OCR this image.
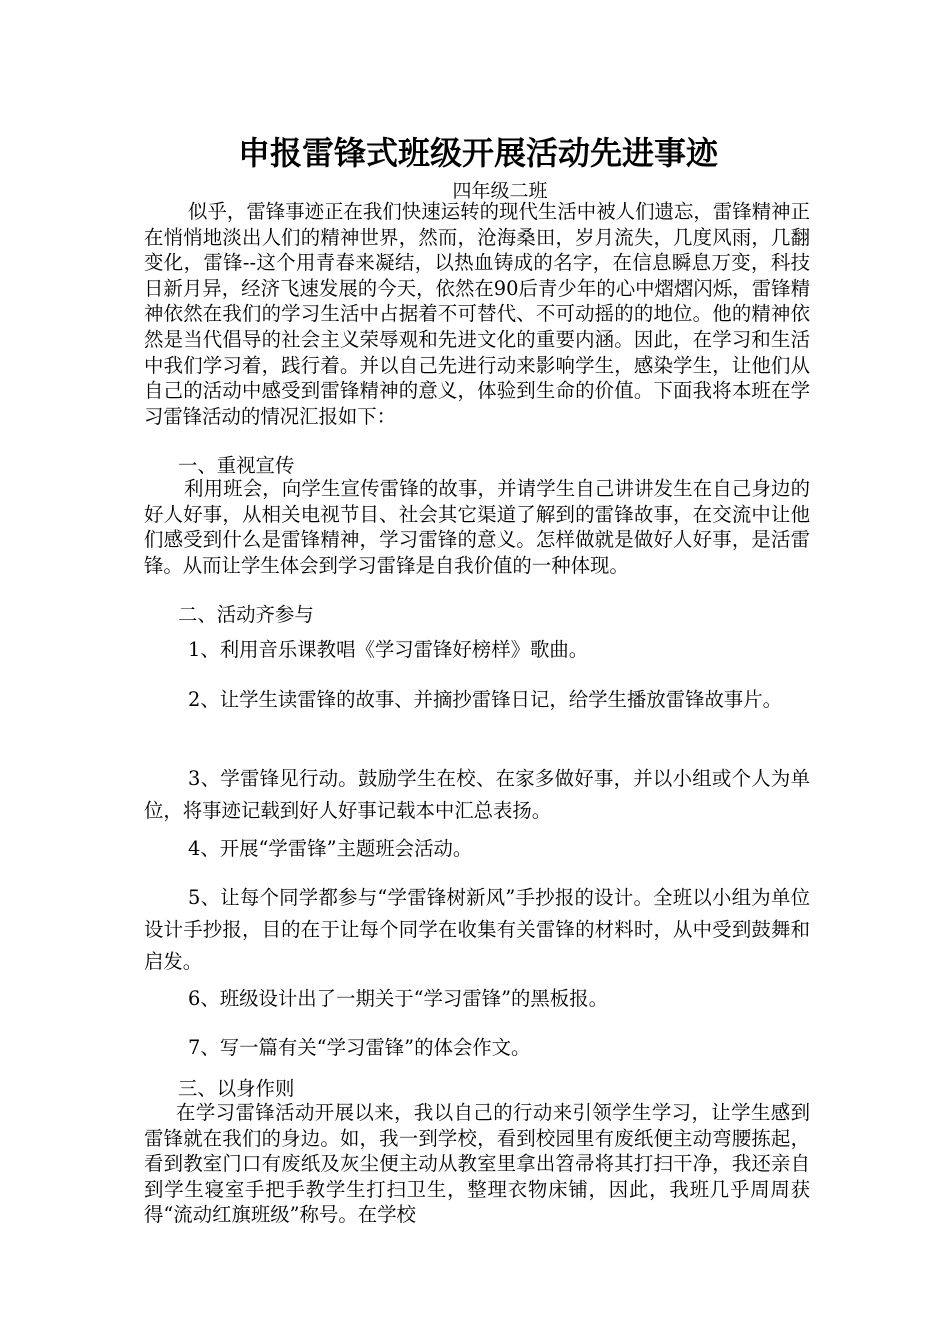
申报雷锋式班级开展活动先进事迹
四年级二班
似乎，雷锋事迹正在我们快速运转的现代生活中被人们遗忘，雷锋精神正在悄悄地淡出人们的精神世界，然而，沧海桑田，岁月流失，几度风雨，几翻变化，雷锋--这个用青春来凝结，以热血铸成的名字，在信息瞬息万变，科技日新月异，经济飞速发展的今天，依然在90后青少年的心中熠熠闪烁，雷锋精神依然在我们的学习生活中占据着不可替代、不可动摇的的地位。他的精神依然是当代倡导的社会主义荣辱观和先进文化的重要内涵。因此，在学习和生活中我们学习着，践行着。并以自己先进行动来影响学生，感染学生，让他们从自己的活动中感受到雷锋精神的意义，体验到生命的价值。下面我将本班在学习雷锋活动的情况汇报如下：
一、重视宣传
利用班会，向学生宣传雷锋的故事，并请学生自己讲讲发生在自己身边的好人好事，从相关电视节目、社会其它渠道了解到的雷锋故事，在交流中让他们感受到什么是雷锋精神，学习雷锋的意义。怎样做就是做好人好事，是活雷锋。从而让学生体会到学习雷锋是自我价值的一种体现。
二、活动齐参与
1、利用音乐课教唱《学习雷锋好榜样》歌曲。
2、让学生读雷锋的故事、并摘抄雷锋日记，给学生播放雷锋故事片。
3、学雷锋见行动。鼓励学生在校、在家多做好事，并以小组或个人为单位，将事迹记载到好人好事记载本中汇总表扬。
4、开展“学雷锋”主题班会活动。
5、让每个同学都参与“学雷锋树新风”手抄报的设计。全班以小组为单位设计手抄报，目的在于让每个同学在收集有关雷锋的材料时，从中受到鼓舞和启发。
6、班级设计出了一期关于“学习雷锋”的黑板报。
7、写一篇有关“学习雷锋”的体会作文。
三、以身作则
在学习雷锋活动开展以来，我以自己的行动来引领学生学习，让学生感到雷锋就在我们的身边。如，我一到学校，看到校园里有废纸便主动弯腰拣起，看到教室门口有废纸及灰尘便主动从教室里拿出笤帚将其打扫干净，我还亲自到学生寝室手把手教学生打扫卫生，整理衣物床铺，因此，我班几乎周周获得“流动红旗班级”称号。在学校
